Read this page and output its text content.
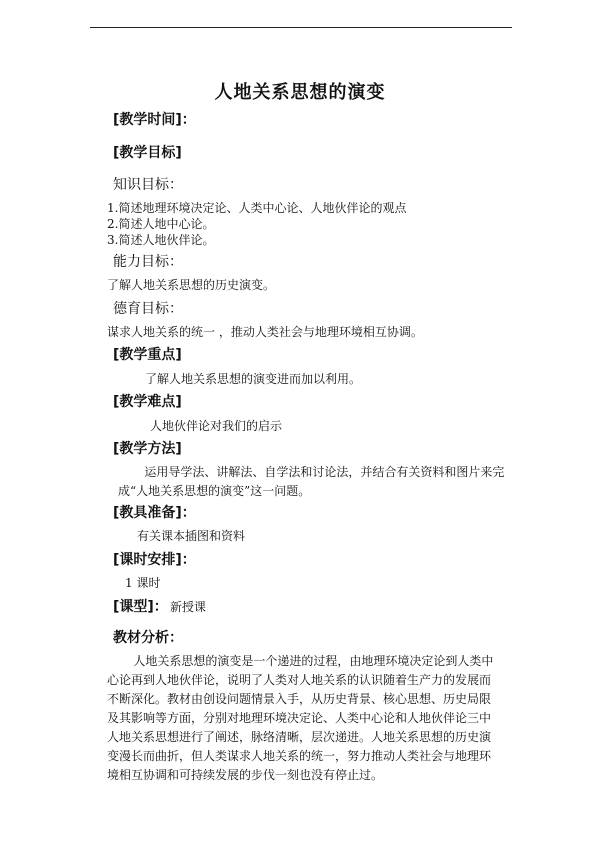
人地关系思想的演变
[教学时间]：
[教学目标]
知识目标：
1.简述地理环境决定论、人类中心论、人地伙伴论的观点
2.简述人地中心论。
3.简述人地伙伴论。
能力目标：
了解人地关系思想的历史演变。
德育目标：
谋求人地关系的统一 ，推动人类社会与地理环境相互协调。
[教学重点]
了解人地关系思想的演变进而加以利用。
[教学难点]
人地伙伴论对我们的启示
[教学方法]
运用导学法、讲解法、自学法和讨论法，并结合有关资料和图片来完成“人地关系思想的演变”这一问题。
[教具准备]：
有关课本插图和资料
[课时安排]：
1 课时
[课型]： 新授课
教材分析：
人地关系思想的演变是一个递进的过程，由地理环境决定论到人类中心论再到人地伙伴论，说明了人类对人地关系的认识随着生产力的发展而不断深化。教材由创设问题情景入手，从历史背景、核心思想、历史局限及其影响等方面，分别对地理环境决定论、人类中心论和人地伙伴论三中人地关系思想进行了阐述，脉络清晰，层次递进。人地关系思想的历史演变漫长而曲折，但人类谋求人地关系的统一，努力推动人类社会与地理环境相互协调和可持续发展的步伐一刻也没有停止过。
